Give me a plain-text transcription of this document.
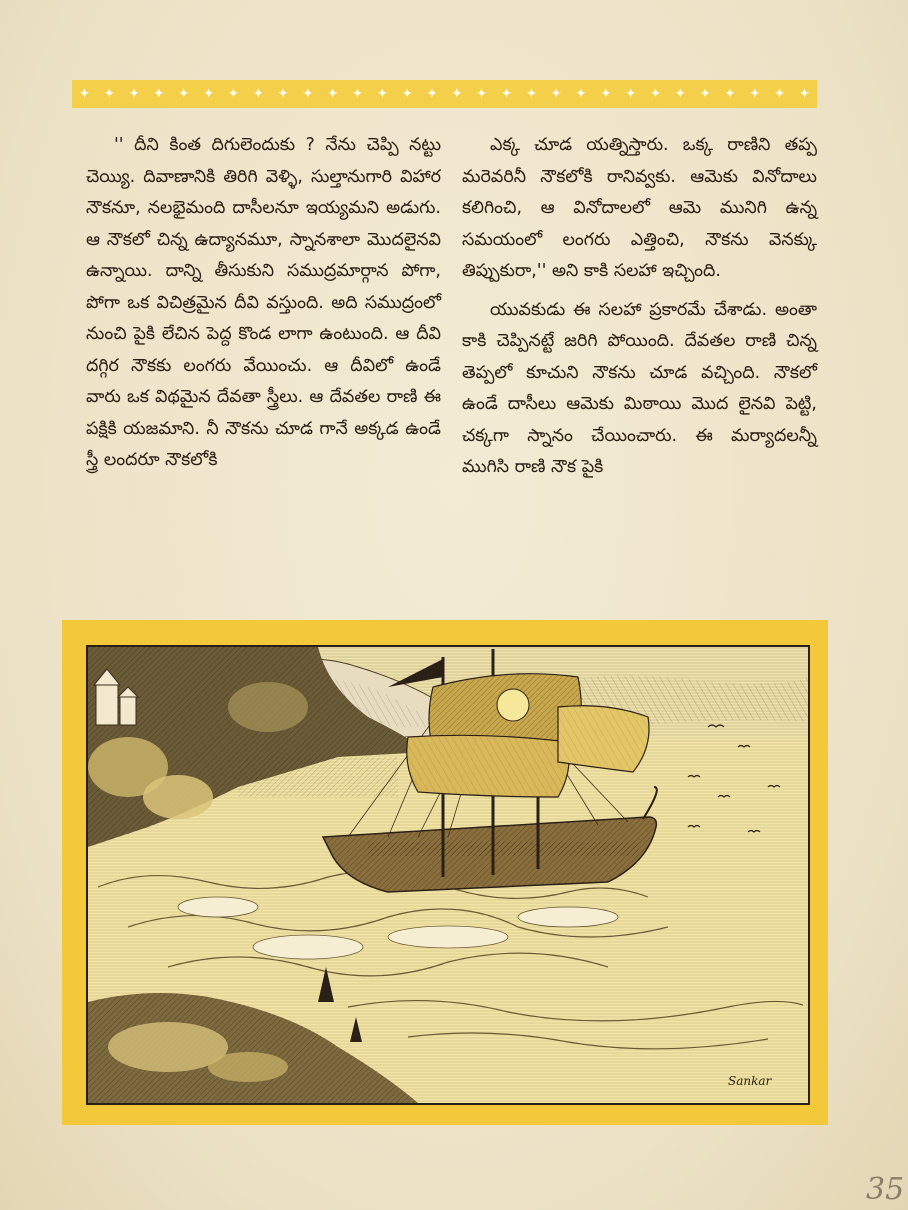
✦ ✦ ✦ ✦ ✦ ✦ ✦ ✦ ✦ ✦ ✦ ✦ ✦ ✦ ✦ ✦ ✦ ✦ ✦ ✦ ✦ ✦ ✦ ✦ ✦ ✦ ✦ ✦ ✦ ✦

'' దీని కింత దిగులెందుకు ? నేను చెప్పి నట్టు చెయ్యి. దివాణానికి తిరిగి వెళ్ళి, సుల్తానుగారి విహార నౌకనూ, నలభైమంది దాసీలనూ ఇయ్యమని అడుగు. ఆ నౌకలో చిన్న ఉద్యానమూ, స్నానశాలా మొదలైనవి ఉన్నాయి. దాన్ని తీసుకుని సముద్రమార్గాన పోగా, పోగా ఒక విచిత్రమైన దీవి వస్తుంది. అది సముద్రంలో నుంచి పైకి లేచిన పెద్ద కొండ లాగా ఉంటుంది. ఆ దీవి దగ్గిర నౌకకు లంగరు వేయించు. ఆ దీవిలో ఉండే వారు ఒక విథమైన దేవతా స్త్రీలు. ఆ దేవతల రాణి ఈ పక్షికి యజమాని. నీ నౌకను చూడ గానే అక్కడ ఉండే స్త్రీ లందరూ నౌకలోకి

ఎక్క చూడ యత్నిస్తారు. ఒక్క రాణిని తప్ప మరెవరినీ నౌకలోకి రానివ్వకు. ఆమెకు వినోదాలు కలిగించి, ఆ వినోదాలలో ఆమె మునిగి ఉన్న సమయంలో లంగరు ఎత్తించి, నౌకను వెనక్కు తిప్పుకురా,'' అని కాకి సలహా ఇచ్చింది.

యువకుడు ఈ సలహా ప్రకారమే చేశాడు. అంతా కాకి చెప్పినట్టే జరిగి పోయింది. దేవతల రాణి చిన్న తెప్పలో కూచుని నౌకను చూడ వచ్చింది. నౌకలో ఉండే దాసీలు ఆమెకు మిఠాయి మొద లైనవి పెట్టి, చక్కగా స్నానం చేయించారు. ఈ మర్యాదలన్నీ ముగిసి రాణి నౌక పైకి

Sankar
35
